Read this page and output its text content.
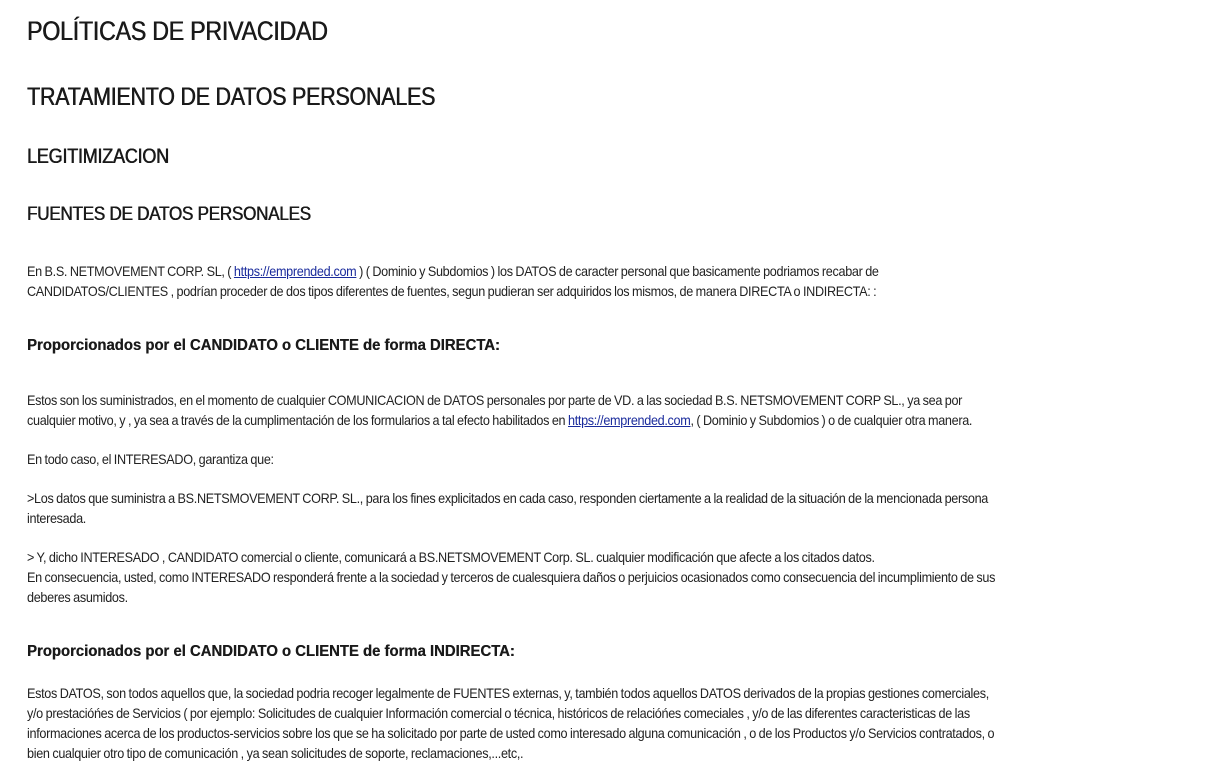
POLÍTICAS DE PRIVACIDAD
TRATAMIENTO DE DATOS PERSONALES
LEGITIMIZACION
FUENTES DE DATOS PERSONALES
En B.S. NETMOVEMENT CORP. SL, ( https://emprended.com ) ( Dominio y Subdomios ) los DATOS de caracter personal que basicamente podriamos recabar de
CANDIDATOS/CLIENTES , podrían proceder de dos tipos diferentes de fuentes, segun pudieran ser adquiridos los mismos, de manera DIRECTA o INDIRECTA: :
Proporcionados por el CANDIDATO o CLIENTE de forma DIRECTA:
Estos son los suministrados, en el momento de cualquier COMUNICACION de DATOS personales por parte de VD. a las sociedad B.S. NETSMOVEMENT CORP SL., ya sea por
cualquier motivo, y , ya sea a través de la cumplimentación de los formularios a tal efecto habilitados en https://emprended.com, ( Dominio y Subdomios ) o de cualquier otra manera.
En todo caso, el INTERESADO, garantiza que:
>Los datos que suministra a BS.NETSMOVEMENT CORP. SL., para los fines explicitados en cada caso, responden ciertamente a la realidad de la situación de la mencionada persona
interesada.
> Y, dicho INTERESADO , CANDIDATO comercial o cliente, comunicará a BS.NETSMOVEMENT Corp. SL. cualquier modificación que afecte a los citados datos.
En consecuencia, usted, como INTERESADO responderá frente a la sociedad y terceros de cualesquiera daños o perjuicios ocasionados como consecuencia del incumplimiento de sus
deberes asumidos.
Proporcionados por el CANDIDATO o CLIENTE de forma INDIRECTA:
Estos DATOS, son todos aquellos que, la sociedad podria recoger legalmente de FUENTES externas, y, también todos aquellos DATOS derivados de la propias gestiones comerciales,
y/o prestacióńes de Servicios ( por ejemplo: Solicitudes de cualquier Información comercial o técnica, históricos de relacióńes comeciales , y/o de las diferentes caracteristicas de las
informaciones acerca de los productos-servicios sobre los que se ha solicitado por parte de usted como interesado alguna comunicación , o de los Productos y/o Servicios contratados, o
bien cualquier otro tipo de comunicación , ya sean solicitudes de soporte, reclamaciones,...etc,.
